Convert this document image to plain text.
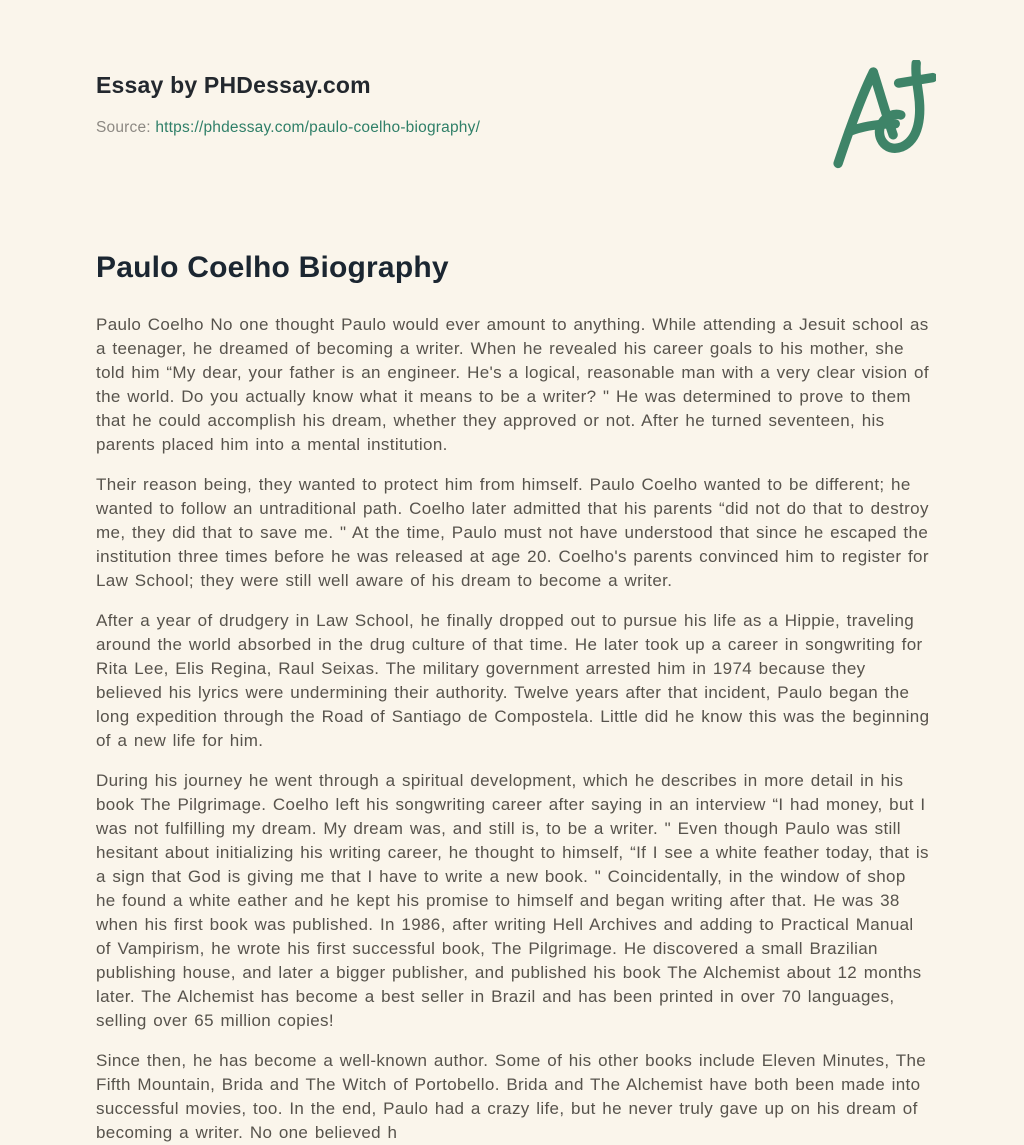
Essay by PHDessay.com
Source: https://phdessay.com/paulo-coelho-biography/
Paulo Coelho Biography

Paulo Coelho No one thought Paulo would ever amount to anything. While attending a Jesuit school as a teenager, he dreamed of becoming a writer. When he revealed his career goals to his mother, she told him “My dear, your father is an engineer. He's a logical, reasonable man with a very clear vision of the world. Do you actually know what it means to be a writer? " He was determined to prove to them that he could accomplish his dream, whether they approved or not. After he turned seventeen, his parents placed him into a mental institution.

Their reason being, they wanted to protect him from himself. Paulo Coelho wanted to be different; he wanted to follow an untraditional path. Coelho later admitted that his parents “did not do that to destroy me, they did that to save me. " At the time, Paulo must not have understood that since he escaped the institution three times before he was released at age 20. Coelho's parents convinced him to register for Law School; they were still well aware of his dream to become a writer.

After a year of drudgery in Law School, he finally dropped out to pursue his life as a Hippie, traveling around the world absorbed in the drug culture of that time. He later took up a career in songwriting for Rita Lee, Elis Regina, Raul Seixas. The military government arrested him in 1974 because they believed his lyrics were undermining their authority. Twelve years after that incident, Paulo began the long expedition through the Road of Santiago de Compostela. Little did he know this was the beginning of a new life for him.

During his journey he went through a spiritual development, which he describes in more detail in his book The Pilgrimage. Coelho left his songwriting career after saying in an interview “I had money, but I was not fulfilling my dream. My dream was, and still is, to be a writer. " Even though Paulo was still hesitant about initializing his writing career, he thought to himself, “If I see a white feather today, that is a sign that God is giving me that I have to write a new book. " Coincidentally, in the window of shop he found a white eather and he kept his promise to himself and began writing after that. He was 38 when his first book was published. In 1986, after writing Hell Archives and adding to Practical Manual of Vampirism, he wrote his first successful book, The Pilgrimage. He discovered a small Brazilian publishing house, and later a bigger publisher, and published his book The Alchemist about 12 months later. The Alchemist has become a best seller in Brazil and has been printed in over 70 languages, selling over 65 million copies!

Since then, he has become a well-known author. Some of his other books include Eleven Minutes, The Fifth Mountain, Brida and The Witch of Portobello. Brida and The Alchemist have both been made into successful movies, too. In the end, Paulo had a crazy life, but he never truly gave up on his dream of becoming a writer. No one believed h
